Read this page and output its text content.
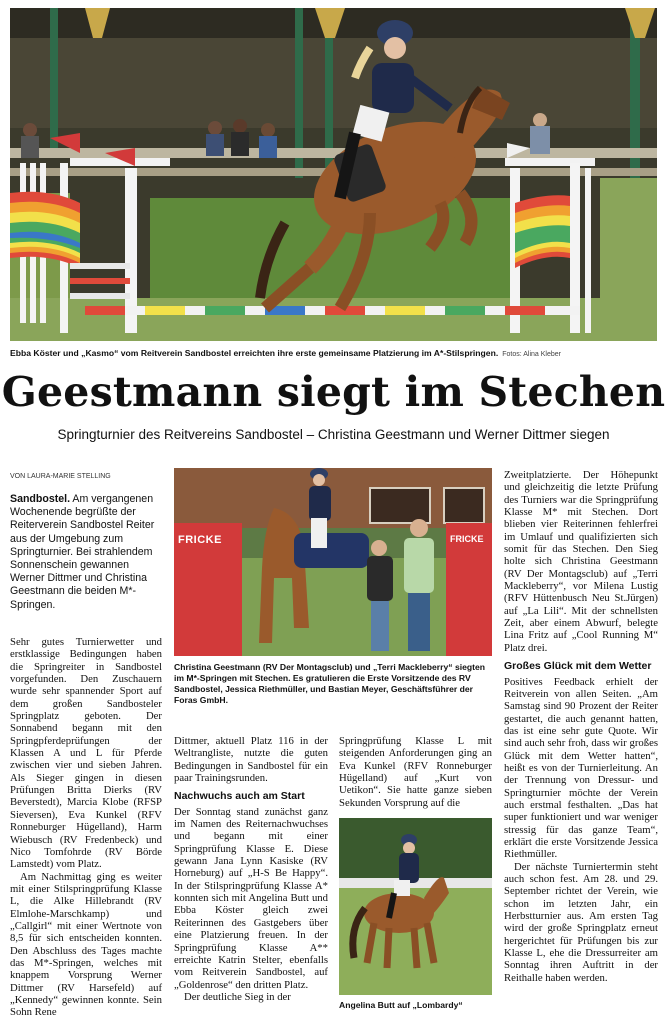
Ebba Köster und „Kasmo“ vom Reitverein Sandbostel erreichten ihre erste gemeinsame Platzierung im A*-Stilspringen. Fotos: Alina Kleber
Geestmann siegt im Stechen
Springturnier des Reitvereins Sandbostel – Christina Geestmann und Werner Dittmer siegen
VON LAURA-MARIE STELLING
Sandbostel. Am vergangenen Wochenende begrüßte der Reiterverein Sandbostel Reiter aus der Umgebung zum Springturnier. Bei strahlendem Sonnenschein gewannen Werner Dittmer und Christina Geestmann die beiden M*-Springen.

Sehr gutes Turnierwetter und erstklassige Bedingungen haben die Springreiter in Sandbostel vorgefunden. Den Zuschauern wurde sehr spannender Sport auf dem großen Sandbosteler Springplatz geboten. Der Sonnabend begann mit den Springpferdeprüfungen der Klassen A und L für Pferde zwischen vier und sieben Jahren. Als Sieger gingen in diesen Prüfungen Britta Dierks (RV Beverstedt), Marcia Klobe (RFSP Sieversen), Eva Kunkel (RFV Ronneburger Hügelland), Harm Wiebusch (RV Fredenbeck) und Nico Tomfohrde (RV Börde Lamstedt) vom Platz.

Am Nachmittag ging es weiter mit einer Stilspringprüfung Klasse L, die Alke Hillebrandt (RV Elmlohe-Marschkamp) und „Callgirl“ mit einer Wertnote von 8,5 für sich entscheiden konnten. Den Abschluss des Tages machte das M*-Springen, welches mit knappem Vorsprung Werner Dittmer (RV Harsefeld) auf „Kennedy“ gewinnen konnte. Sein Sohn Rene

FRICKE	FRICKE
Christina Geestmann (RV Der Montagsclub) und „Terri Mackleberry“ siegten im M*-Springen mit Stechen. Es gratulieren die Erste Vorsitzende des RV Sandbostel, Jessica Riethmüller, und Bastian Meyer, Geschäftsführer der Foras GmbH.

Dittmer, aktuell Platz 116 in der Weltrangliste, nutzte die guten Bedingungen in Sandbostel für ein paar Trainingsrunden.

Nachwuchs auch am Start

Der Sonntag stand zunächst ganz im Namen des Reiternachwuchses und begann mit einer Springprüfung Klasse E. Diese gewann Jana Lynn Kasiske (RV Horneburg) auf „H-S Be Happy“. In der Stilspringprüfung Klasse A* konnten sich mit Angelina Butt und Ebba Köster gleich zwei Reiterinnen des Gastgebers über eine Platzierung freuen. In der Springprüfung Klasse A** erreichte Katrin Stelter, ebenfalls vom Reitverein Sandbostel, auf „Goldenrose“ den dritten Platz.

Der deutliche Sieg in der

Springprüfung Klasse L mit steigenden Anforderungen ging an Eva Kunkel (RFV Ronneburger Hügelland) auf „Kurt von Uetikon“. Sie hatte ganze sieben Sekunden Vorsprung auf die

Angelina Butt auf „Lombardy“

Zweitplatzierte. Der Höhepunkt und gleichzeitig die letzte Prüfung des Turniers war die Springprüfung Klasse M* mit Stechen. Dort blieben vier Reiterinnen fehlerfrei im Umlauf und qualifizierten sich somit für das Stechen. Den Sieg holte sich Christina Geestmann (RV Der Montagsclub) auf „Terri Mackleberry“, vor Milena Lustig (RFV Hüttenbusch Neu St.Jürgen) auf „La Lili“. Mit der schnellsten Zeit, aber einem Abwurf, belegte Lina Fritz auf „Cool Running M“ Platz drei.

Großes Glück mit dem Wetter

Positives Feedback erhielt der Reitverein von allen Seiten. „Am Samstag sind 90 Prozent der Reiter gestartet, die auch genannt hatten, das ist eine sehr gute Quote. Wir sind auch sehr froh, dass wir großes Glück mit dem Wetter hatten“, heißt es von der Turnierleitung. An der Trennung von Dressur- und Springturnier möchte der Verein auch erstmal festhalten. „Das hat super funktioniert und war weniger stressig für das ganze Team“, erklärt die erste Vorsitzende Jessica Riethmüller.

Der nächste Turniertermin steht auch schon fest. Am 28. und 29. September richtet der Verein, wie schon im letzten Jahr, ein Herbstturnier aus. Am ersten Tag wird der große Springplatz erneut hergerichtet für Prüfungen bis zur Klasse L, ehe die Dressurreiter am Sonntag ihren Auftritt in der Reithalle haben werden.
